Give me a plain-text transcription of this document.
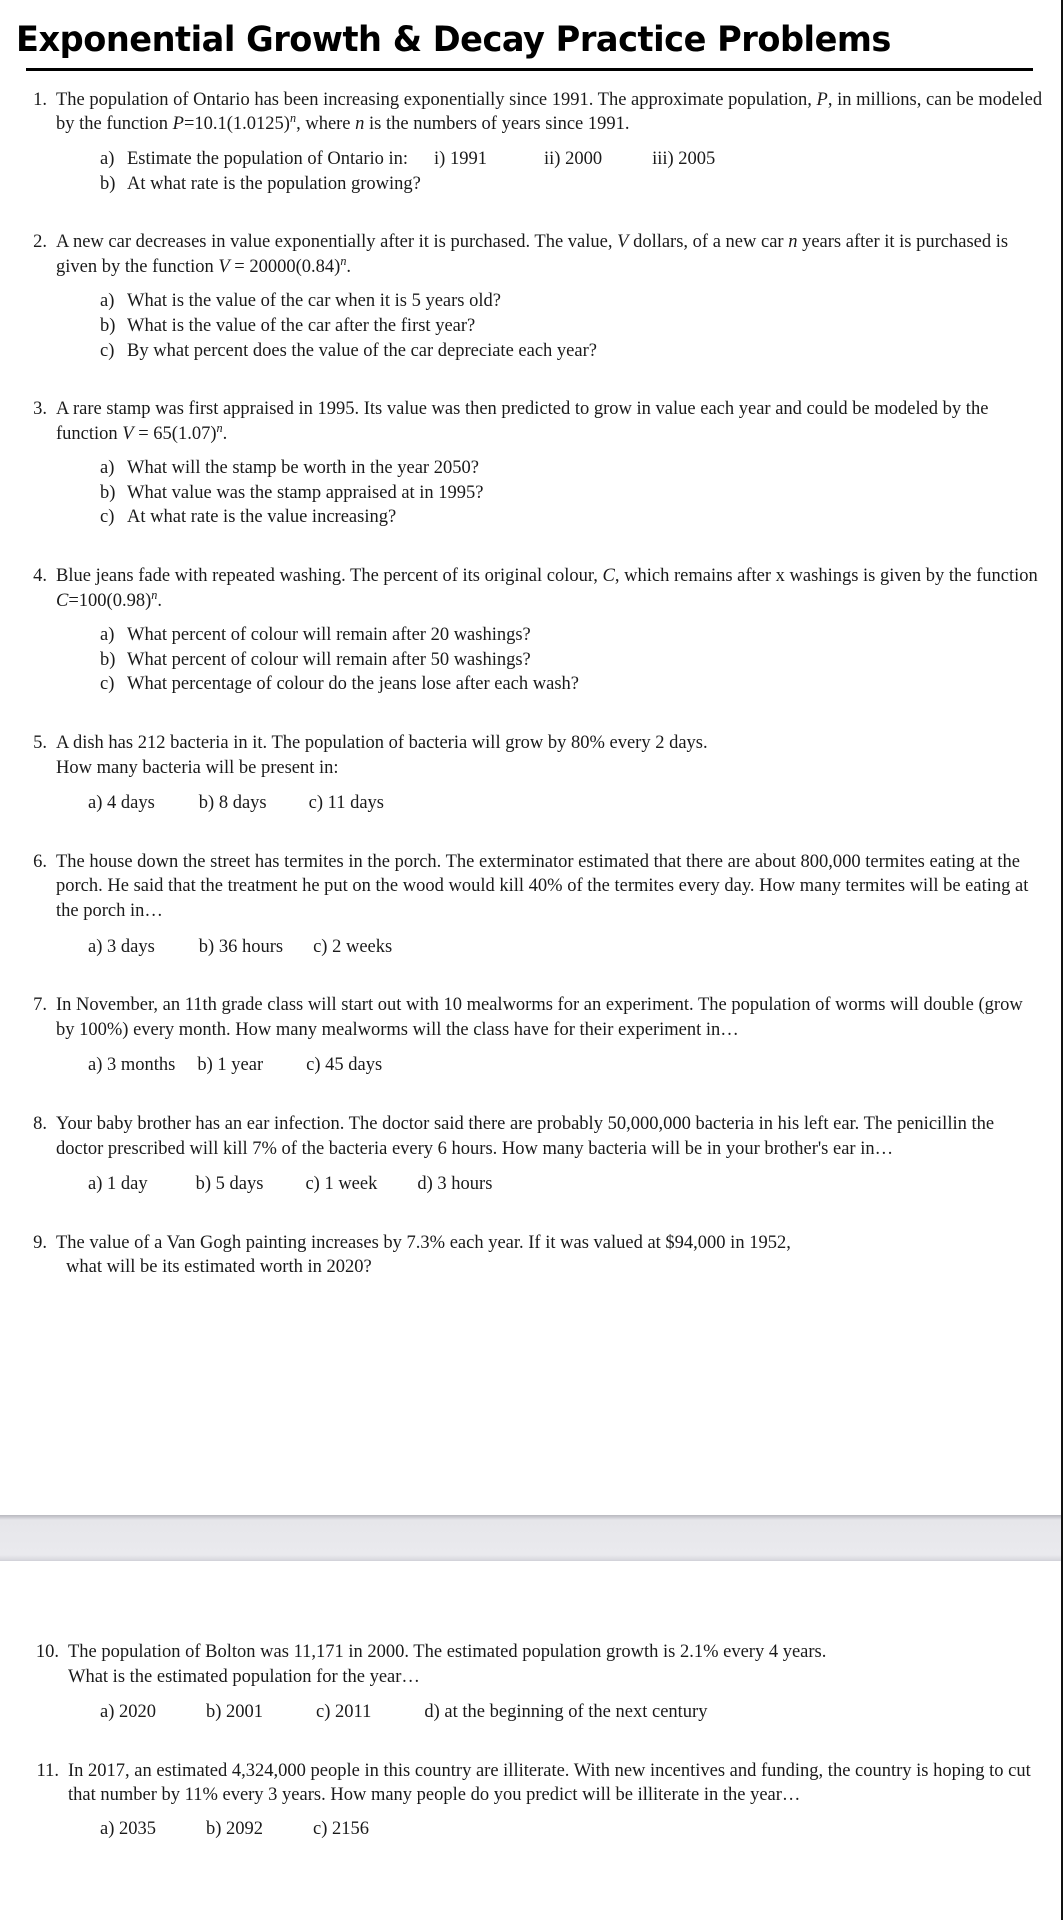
Exponential Growth & Decay Practice Problems
1. The population of Ontario has been increasing exponentially since 1991. The approximate population, P, in millions, can be modeled by the function $P=10.1(1.0125)^n$, where n is the numbers of years since 1991.

a) Estimate the population of Ontario in: i) 1991	ii) 2000	iii) 2005
b) At what rate is the population growing?
2. A new car decreases in value exponentially after it is purchased. The value, V dollars, of a new car n years after it is purchased is given by the function $V = 20000(0.84)^n$.

a) What is the value of the car when it is 5 years old?
b) What is the value of the car after the first year?
c) By what percent does the value of the car depreciate each year?
3. A rare stamp was first appraised in 1995. Its value was then predicted to grow in value each year and could be modeled by the function $V = 65(1.07)^n$.

a) What will the stamp be worth in the year 2050?
b) What value was the stamp appraised at in 1995?
c) At what rate is the value increasing?
4. Blue jeans fade with repeated washing. The percent of its original colour, C, which remains after x washings is given by the function $C=100(0.98)^n$.

a) What percent of colour will remain after 20 washings?
b) What percent of colour will remain after 50 washings?
c) What percentage of colour do the jeans lose after each wash?
5. A dish has 212 bacteria in it. The population of bacteria will grow by 80% every 2 days.
How many bacteria will be present in:
a) 4 days b) 8 days c) 11 days
6. The house down the street has termites in the porch. The exterminator estimated that there are about 800,000 termites eating at the porch. He said that the treatment he put on the wood would kill 40% of the termites every day. How many termites will be eating at the porch in…

a) 3 days b) 36 hours c) 2 weeks
7. In November, an 11th grade class will start out with 10 mealworms for an experiment. The population of worms will double (grow by 100%) every month. How many mealworms will the class have for their experiment in…

a) 3 months b) 1 year c) 45 days
8. Your baby brother has an ear infection. The doctor said there are probably 50,000,000 bacteria in his left ear. The penicillin the doctor prescribed will kill 7% of the bacteria every 6 hours. How many bacteria will be in your brother's ear in…

a) 1 day	b) 5 days c) 1 week d) 3 hours
9. The value of a Van Gogh painting increases by 7.3% each year. If it was valued at $94,000 in 1952,
what will be its estimated worth in 2020?
10. The population of Bolton was 11,171 in 2000. The estimated population growth is 2.1% every 4 years.
What is the estimated population for the year…
a) 2020	b) 2001	c) 2011	d) at the beginning of the next century
11. In 2017, an estimated 4,324,000 people in this country are illiterate. With new incentives and funding, the country is hoping to cut that number by 11% every 3 years. How many people do you predict will be illiterate in the year…

a) 2035	b) 2092	c) 2156
